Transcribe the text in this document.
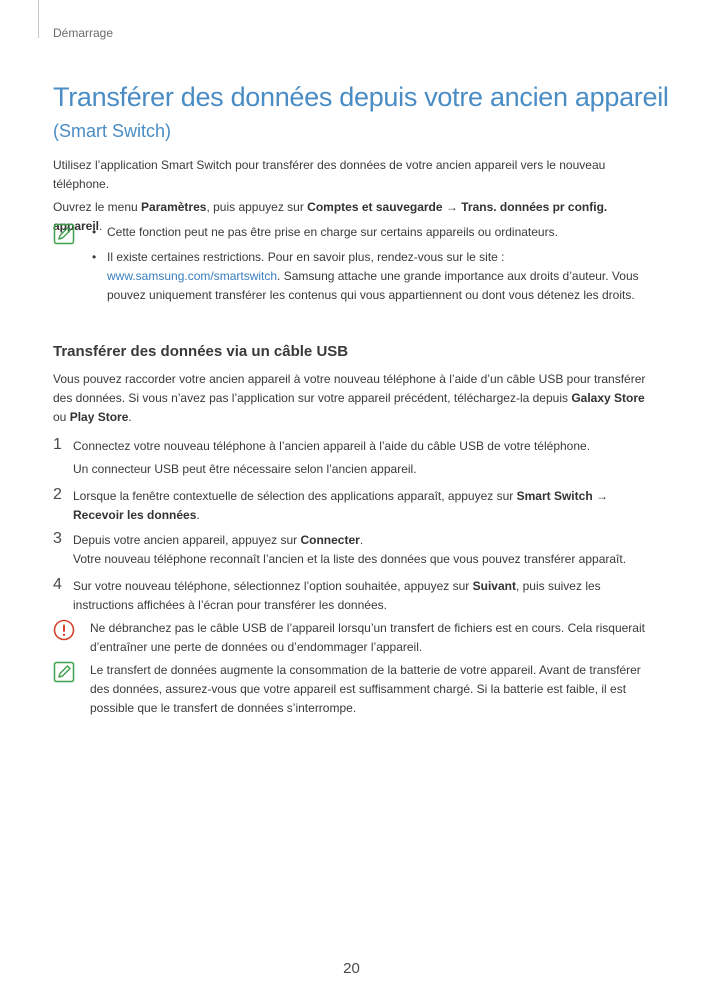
Démarrage
Transférer des données depuis votre ancien appareil
(Smart Switch)

Utilisez l’application Smart Switch pour transférer des données de votre ancien appareil vers le nouveau téléphone.

Ouvrez le menu Paramètres, puis appuyez sur Comptes et sauvegarde → Trans. données pr config. appareil.

• Cette fonction peut ne pas être prise en charge sur certains appareils ou ordinateurs.
• Il existe certaines restrictions. Pour en savoir plus, rendez-vous sur le site : www.samsung.com/smartswitch. Samsung attache une grande importance aux droits d’auteur. Vous pouvez uniquement transférer les contenus qui vous appartiennent ou dont vous détenez les droits.
Transférer des données via un câble USB

Vous pouvez raccorder votre ancien appareil à votre nouveau téléphone à l’aide d’un câble USB pour transférer des données. Si vous n’avez pas l’application sur votre appareil précédent, téléchargez-la depuis Galaxy Store ou Play Store.

1 Connectez votre nouveau téléphone à l’ancien appareil à l’aide du câble USB de votre téléphone.

Un connecteur USB peut être nécessaire selon l’ancien appareil.

2 Lorsque la fenêtre contextuelle de sélection des applications apparaît, appuyez sur Smart Switch → Recevoir les données.

3 Depuis votre ancien appareil, appuyez sur Connecter.

Votre nouveau téléphone reconnaît l’ancien et la liste des données que vous pouvez transférer apparaît.

4 Sur votre nouveau téléphone, sélectionnez l’option souhaitée, appuyez sur Suivant, puis suivez les instructions affichées à l’écran pour transférer les données.

Ne débranchez pas le câble USB de l’appareil lorsqu’un transfert de fichiers est en cours. Cela risquerait d’entraîner une perte de données ou d’endommager l’appareil.

Le transfert de données augmente la consommation de la batterie de votre appareil. Avant de transférer des données, assurez-vous que votre appareil est suffisamment chargé. Si la batterie est faible, il est possible que le transfert de données s’interrompe.

20
